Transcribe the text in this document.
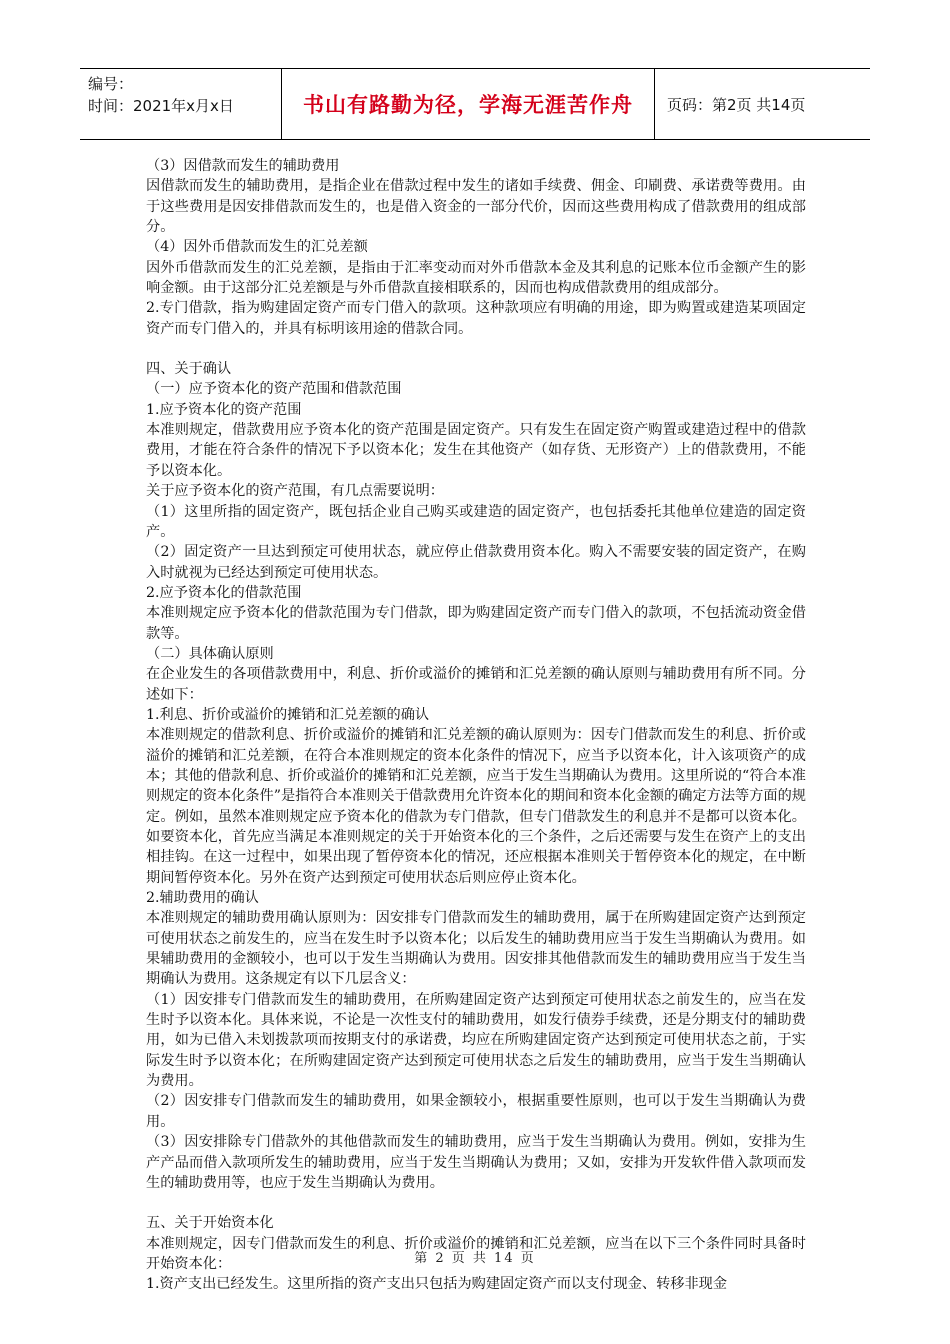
编号：
时间：2021年x月x日	书山有路勤为径，学海无涯苦作舟	页码：第2页 共14页

（3）因借款而发生的辅助费用

因借款而发生的辅助费用，是指企业在借款过程中发生的诸如手续费、佣金、印刷费、承诺费等费用。由于这些费用是因安排借款而发生的，也是借入资金的一部分代价，因而这些费用构成了借款费用的组成部分。

（4）因外币借款而发生的汇兑差额

因外币借款而发生的汇兑差额，是指由于汇率变动而对外币借款本金及其利息的记账本位币金额产生的影响金额。由于这部分汇兑差额是与外币借款直接相联系的，因而也构成借款费用的组成部分。

2.专门借款，指为购建固定资产而专门借入的款项。这种款项应有明确的用途，即为购置或建造某项固定资产而专门借入的，并具有标明该用途的借款合同。

四、关于确认

（一）应予资本化的资产范围和借款范围

1.应予资本化的资产范围

本准则规定，借款费用应予资本化的资产范围是固定资产。只有发生在固定资产购置或建造过程中的借款费用，才能在符合条件的情况下予以资本化；发生在其他资产（如存货、无形资产）上的借款费用，不能予以资本化。

关于应予资本化的资产范围，有几点需要说明：

（1）这里所指的固定资产，既包括企业自己购买或建造的固定资产，也包括委托其他单位建造的固定资产。

（2）固定资产一旦达到预定可使用状态，就应停止借款费用资本化。购入不需要安装的固定资产，在购入时就视为已经达到预定可使用状态。

2.应予资本化的借款范围

本准则规定应予资本化的借款范围为专门借款，即为购建固定资产而专门借入的款项，不包括流动资金借款等。

（二）具体确认原则

在企业发生的各项借款费用中，利息、折价或溢价的摊销和汇兑差额的确认原则与辅助费用有所不同。分述如下：

1.利息、折价或溢价的摊销和汇兑差额的确认

本准则规定的借款利息、折价或溢价的摊销和汇兑差额的确认原则为：因专门借款而发生的利息、折价或溢价的摊销和汇兑差额，在符合本准则规定的资本化条件的情况下，应当予以资本化，计入该项资产的成本；其他的借款利息、折价或溢价的摊销和汇兑差额，应当于发生当期确认为费用。这里所说的“符合本准则规定的资本化条件”是指符合本准则关于借款费用允许资本化的期间和资本化金额的确定方法等方面的规定。例如，虽然本准则规定应予资本化的借款为专门借款，但专门借款发生的利息并不是都可以资本化。如要资本化，首先应当满足本准则规定的关于开始资本化的三个条件，之后还需要与发生在资产上的支出相挂钩。在这一过程中，如果出现了暂停资本化的情况，还应根据本准则关于暂停资本化的规定，在中断期间暂停资本化。另外在资产达到预定可使用状态后则应停止资本化。

2.辅助费用的确认

本准则规定的辅助费用确认原则为：因安排专门借款而发生的辅助费用，属于在所购建固定资产达到预定可使用状态之前发生的，应当在发生时予以资本化；以后发生的辅助费用应当于发生当期确认为费用。如果辅助费用的金额较小，也可以于发生当期确认为费用。因安排其他借款而发生的辅助费用应当于发生当期确认为费用。这条规定有以下几层含义：

（1）因安排专门借款而发生的辅助费用，在所购建固定资产达到预定可使用状态之前发生的，应当在发生时予以资本化。具体来说，不论是一次性支付的辅助费用，如发行债券手续费，还是分期支付的辅助费用，如为已借入未划拨款项而按期支付的承诺费，均应在所购建固定资产达到预定可使用状态之前，于实际发生时予以资本化；在所购建固定资产达到预定可使用状态之后发生的辅助费用，应当于发生当期确认为费用。

（2）因安排专门借款而发生的辅助费用，如果金额较小，根据重要性原则，也可以于发生当期确认为费用。

（3）因安排除专门借款外的其他借款而发生的辅助费用，应当于发生当期确认为费用。例如，安排为生产产品而借入款项所发生的辅助费用，应当于发生当期确认为费用；又如，安排为开发软件借入款项而发生的辅助费用等，也应于发生当期确认为费用。

五、关于开始资本化

本准则规定，因专门借款而发生的利息、折价或溢价的摊销和汇兑差额，应当在以下三个条件同时具备时开始资本化：

1.资产支出已经发生。这里所指的资产支出只包括为购建固定资产而以支付现金、转移非现金

第 2 页 共 14 页
